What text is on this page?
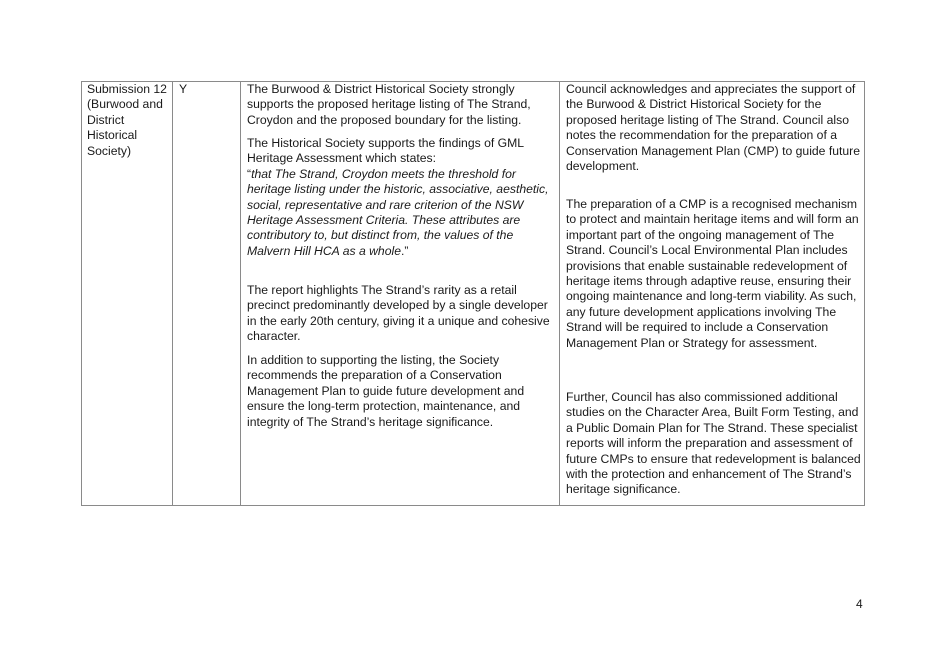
Submission 12 (Burwood and District Historical Society)
Y	The Burwood & District Historical Society strongly supports the proposed heritage listing of The Strand, Croydon and the proposed boundary for the listing.
The Historical Society supports the findings of GML Heritage Assessment which states:
“that The Strand, Croydon meets the threshold for heritage listing under the historic, associative, aesthetic, social, representative and rare criterion of the NSW Heritage Assessment Criteria. These attributes are contributory to, but distinct from, the values of the Malvern Hill HCA as a whole.”
The report highlights The Strand’s rarity as a retail precinct predominantly developed by a single developer in the early 20th century, giving it a unique and cohesive character.
In addition to supporting the listing, the Society recommends the preparation of a Conservation Management Plan to guide future development and ensure the long-term protection, maintenance, and integrity of The Strand’s heritage significance.
Council acknowledges and appreciates the support of the Burwood & District Historical Society for the proposed heritage listing of The Strand. Council also notes the recommendation for the preparation of a Conservation Management Plan (CMP) to guide future development.
The preparation of a CMP is a recognised mechanism to protect and maintain heritage items and will form an important part of the ongoing management of The Strand. Council’s Local Environmental Plan includes provisions that enable sustainable redevelopment of heritage items through adaptive reuse, ensuring their ongoing maintenance and long-term viability. As such, any future development applications involving The Strand will be required to include a Conservation Management Plan or Strategy for assessment.
Further, Council has also commissioned additional studies on the Character Area, Built Form Testing, and a Public Domain Plan for The Strand. These specialist reports will inform the preparation and assessment of future CMPs to ensure that redevelopment is balanced with the protection and enhancement of The Strand’s heritage significance.
4
